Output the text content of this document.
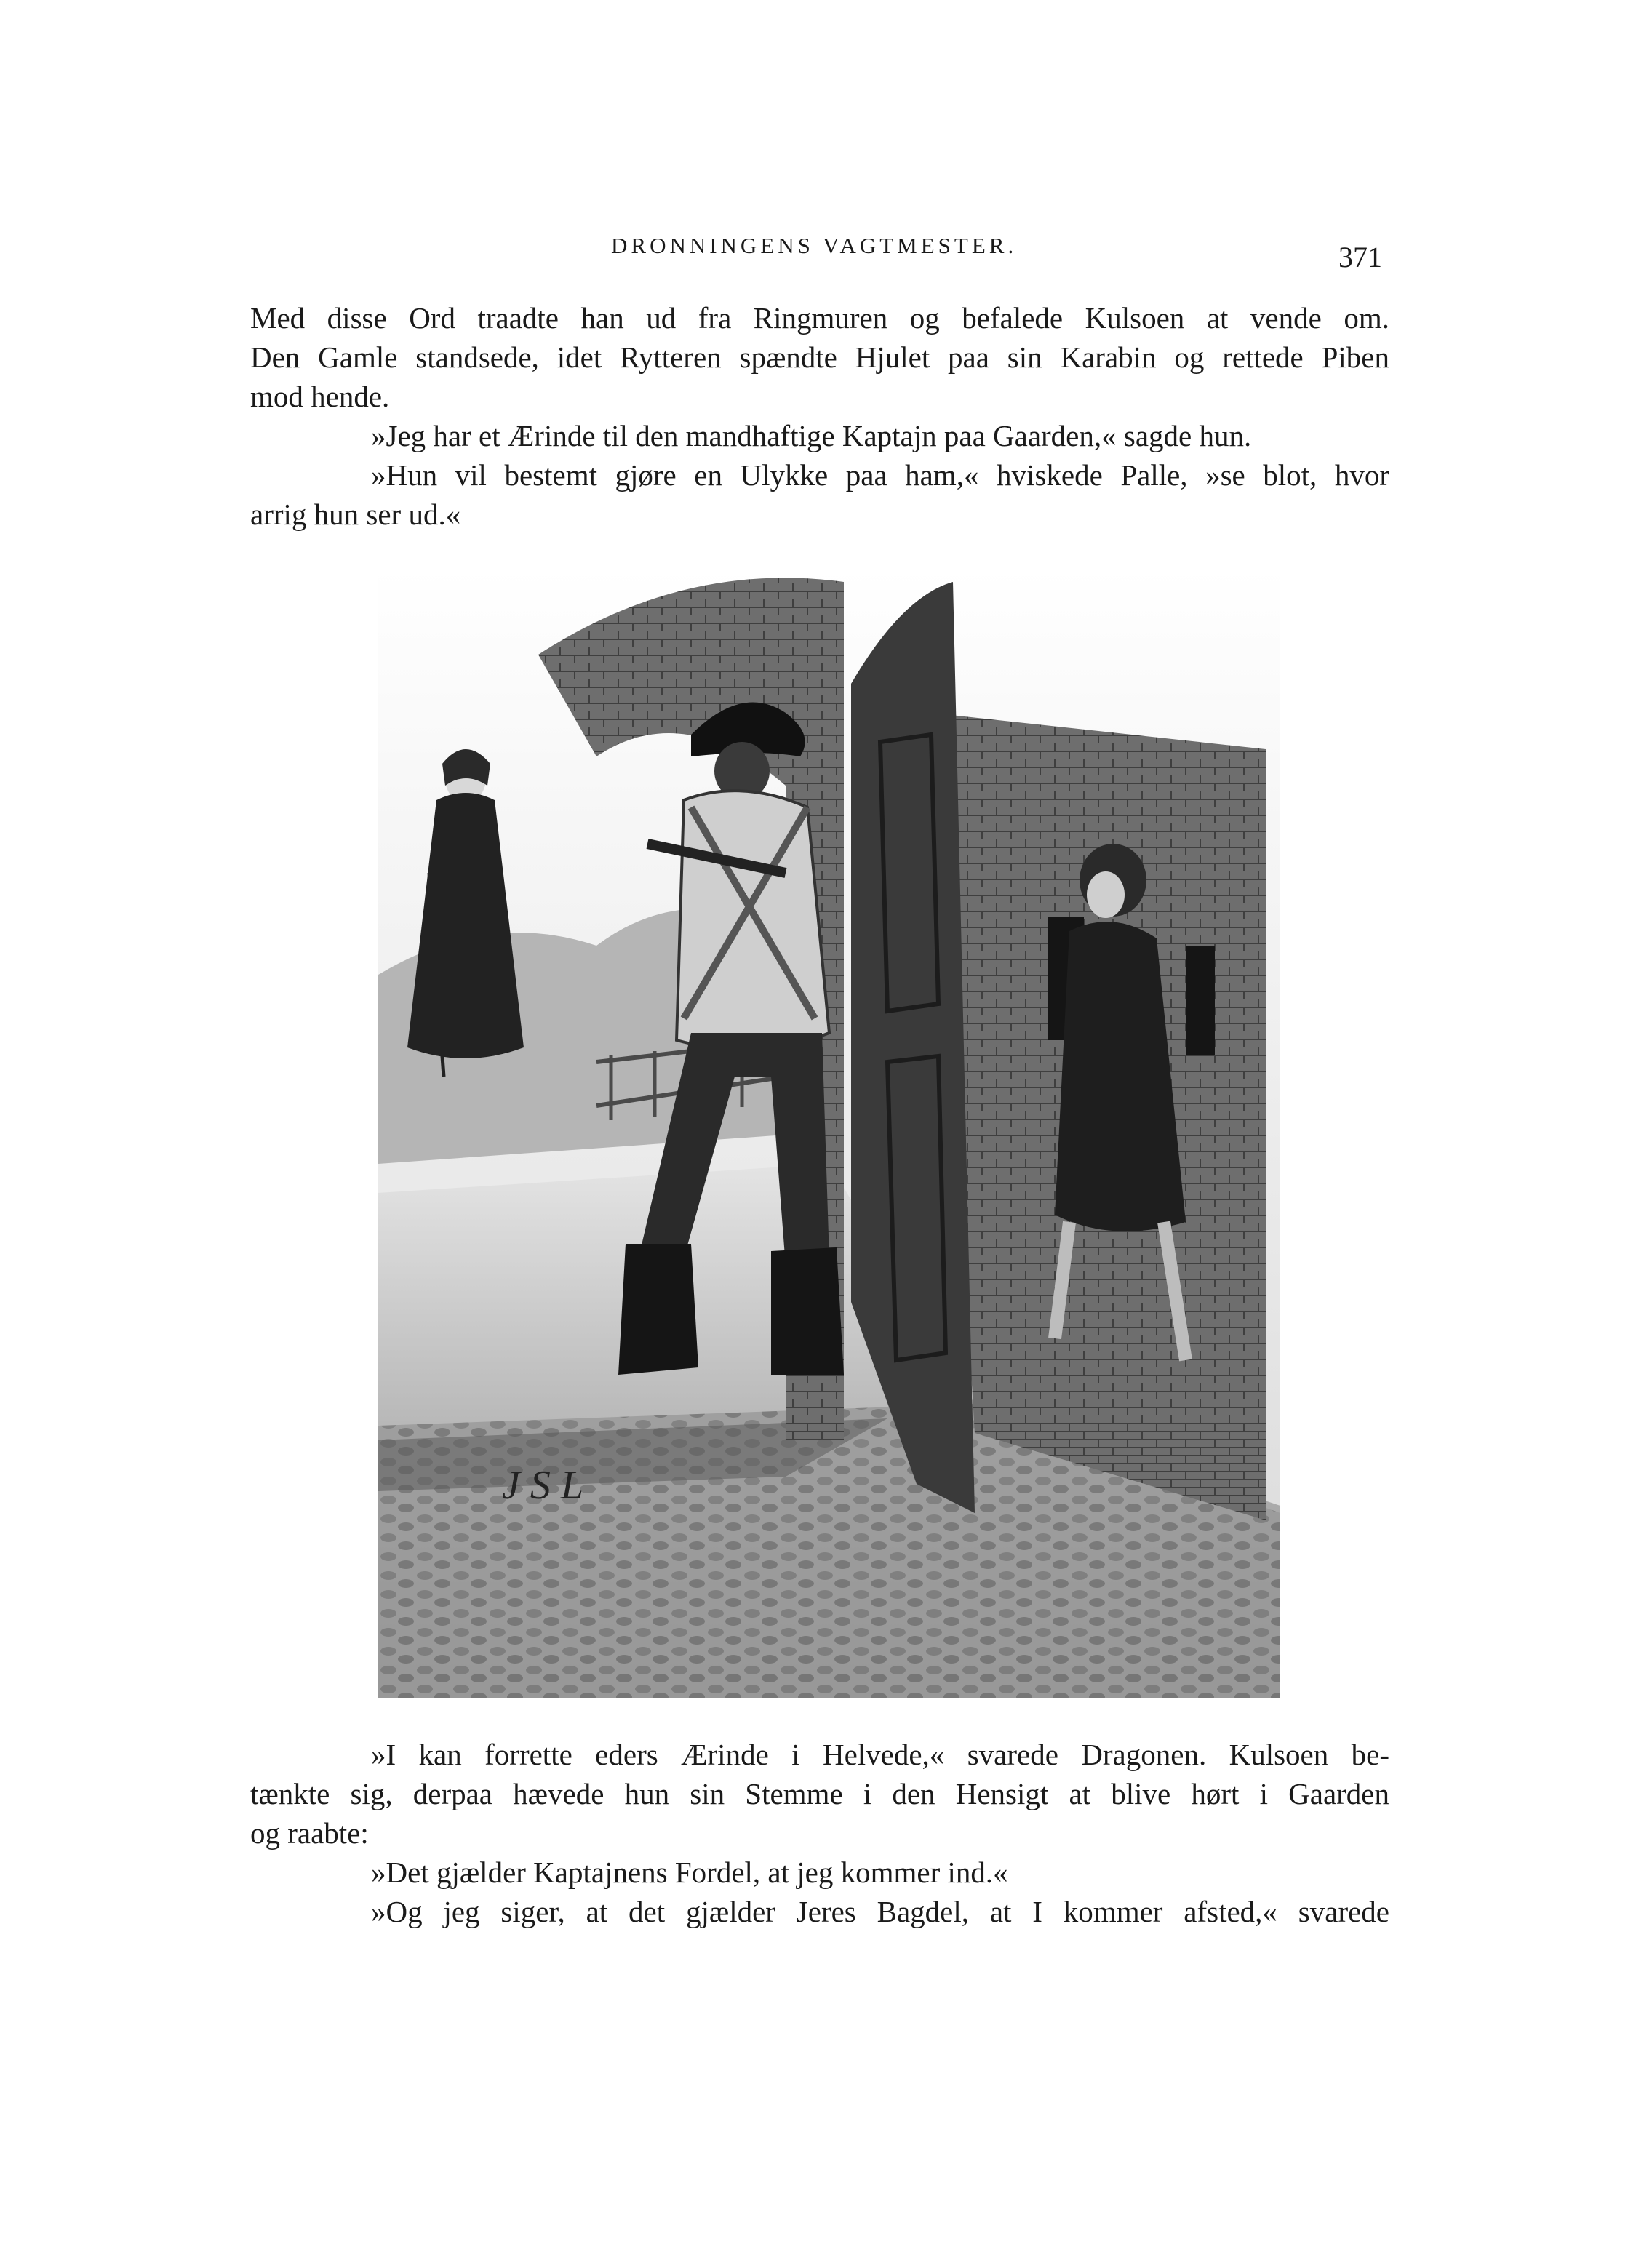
DRONNINGENS VAGTMESTER.	371
Med disse Ord traadte han ud fra Ringmuren og befalede Kulsoen at vende om.
Den Gamle standsede, idet Rytteren spændte Hjulet paa sin Karabin og rettede Piben
mod hende.
»Jeg har et Ærinde til den mandhaftige Kaptajn paa Gaarden,« sagde hun.
»Hun vil bestemt gjøre en Ulykke paa ham,« hviskede Palle, »se blot, hvor
arrig hun ser ud.«
J S L
»I kan forrette eders Ærinde i Helvede,« svarede Dragonen. Kulsoen be-
tænkte sig, derpaa hævede hun sin Stemme i den Hensigt at blive hørt i Gaarden
og raabte:
»Det gjælder Kaptajnens Fordel, at jeg kommer ind.«
»Og jeg siger, at det gjælder Jeres Bagdel, at I kommer afsted,« svarede
